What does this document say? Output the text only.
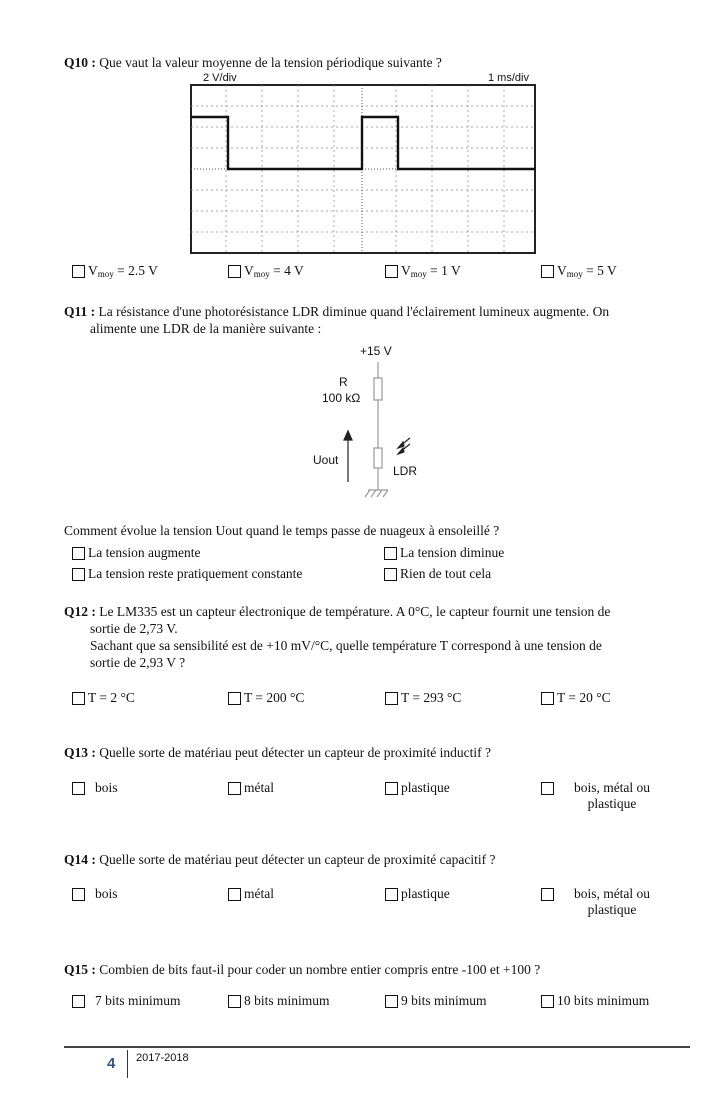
Q10 : Que vaut la valeur moyenne de la tension périodique suivante ?
2 V/div	1 ms/div
$V_{moy} = 2.5$ V	$V_{moy} = 4$ V	$V_{moy} = 1$ V	$V_{moy} = 5$ V
Q11 : La résistance d'une photorésistance LDR diminue quand l'éclairement lumineux augmente. On
alimente une LDR de la manière suivante :
+15 V
R
100 kΩ
Uout
LDR
Comment évolue la tension Uout quand le temps passe de nuageux à ensoleillé ?
La tension augmente	La tension diminue
La tension reste pratiquement constante	Rien de tout cela
Q12 : Le LM335 est un capteur électronique de température. A 0°C, le capteur fournit une tension de
sortie de 2,73 V.
Sachant que sa sensibilité est de +10 mV/°C, quelle température T correspond à une tension de
sortie de 2,93 V ?
T = 2 °C	T = 200 °C	T = 293 °C	T = 20 °C
Q13 : Quelle sorte de matériau peut détecter un capteur de proximité inductif ?
bois	métal	plastique	bois, métal ou plastique
Q14 : Quelle sorte de matériau peut détecter un capteur de proximité capacitif ?
bois	métal	plastique	bois, métal ou plastique
Q15 : Combien de bits faut-il pour coder un nombre entier compris entre -100 et +100 ?
7 bits minimum	8 bits minimum	9 bits minimum	10 bits minimum
4 2017-2018
